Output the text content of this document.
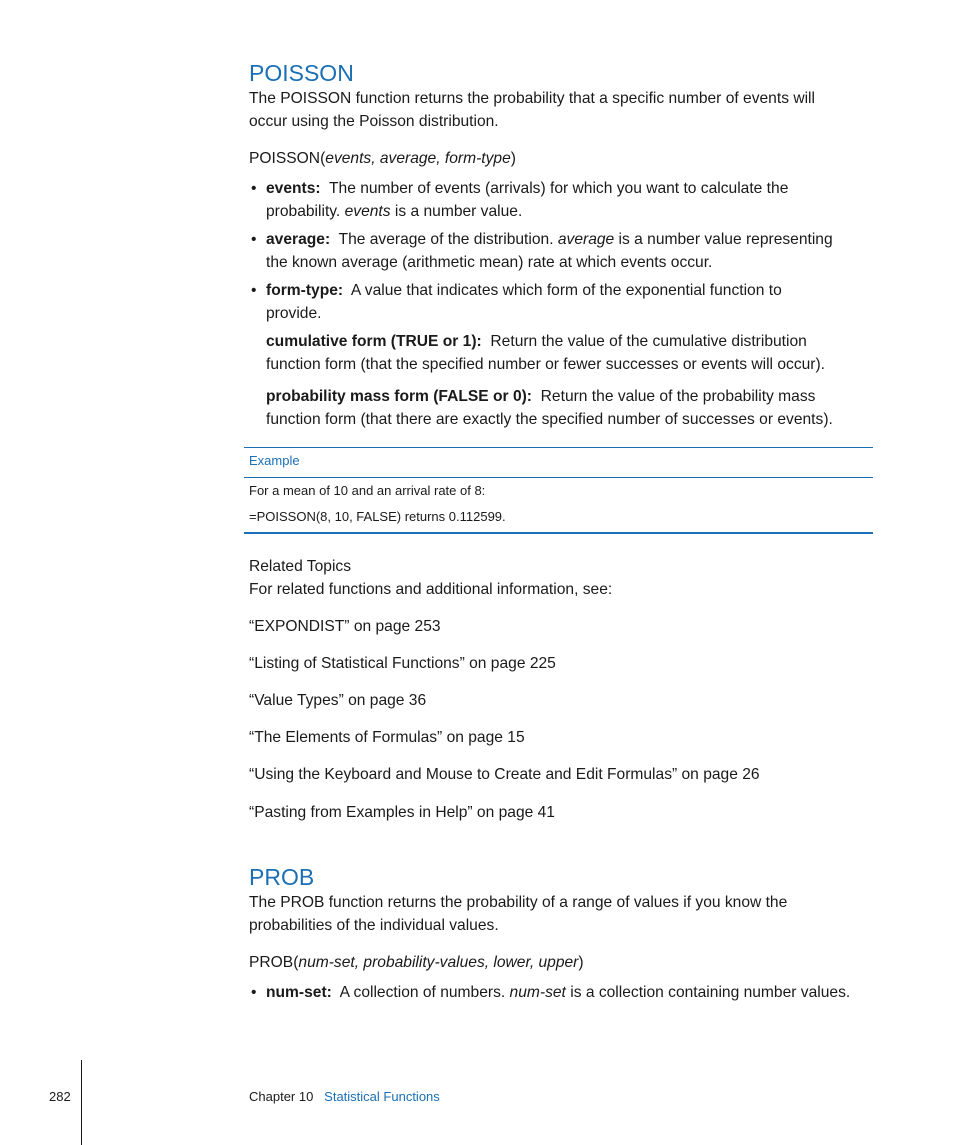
POISSON
The POISSON function returns the probability that a specific number of events will
occur using the Poisson distribution.
POISSON(events, average, form-type)
• events: The number of events (arrivals) for which you want to calculate the
probability. events is a number value.
• average: The average of the distribution. average is a number value representing
the known average (arithmetic mean) rate at which events occur.
• form-type: A value that indicates which form of the exponential function to
provide.
cumulative form (TRUE or 1): Return the value of the cumulative distribution
function form (that the specified number or fewer successes or events will occur).
probability mass form (FALSE or 0): Return the value of the probability mass
function form (that there are exactly the specified number of successes or events).
Example
For a mean of 10 and an arrival rate of 8:
=POISSON(8, 10, FALSE) returns 0.112599.
Related Topics
For related functions and additional information, see:
“EXPONDIST” on page 253
“Listing of Statistical Functions” on page 225
“Value Types” on page 36
“The Elements of Formulas” on page 15
“Using the Keyboard and Mouse to Create and Edit Formulas” on page 26
“Pasting from Examples in Help” on page 41
PROB
The PROB function returns the probability of a range of values if you know the
probabilities of the individual values.
PROB(num-set, probability-values, lower, upper)
• num-set: A collection of numbers. num-set is a collection containing number values.
282	Chapter 10 Statistical Functions
